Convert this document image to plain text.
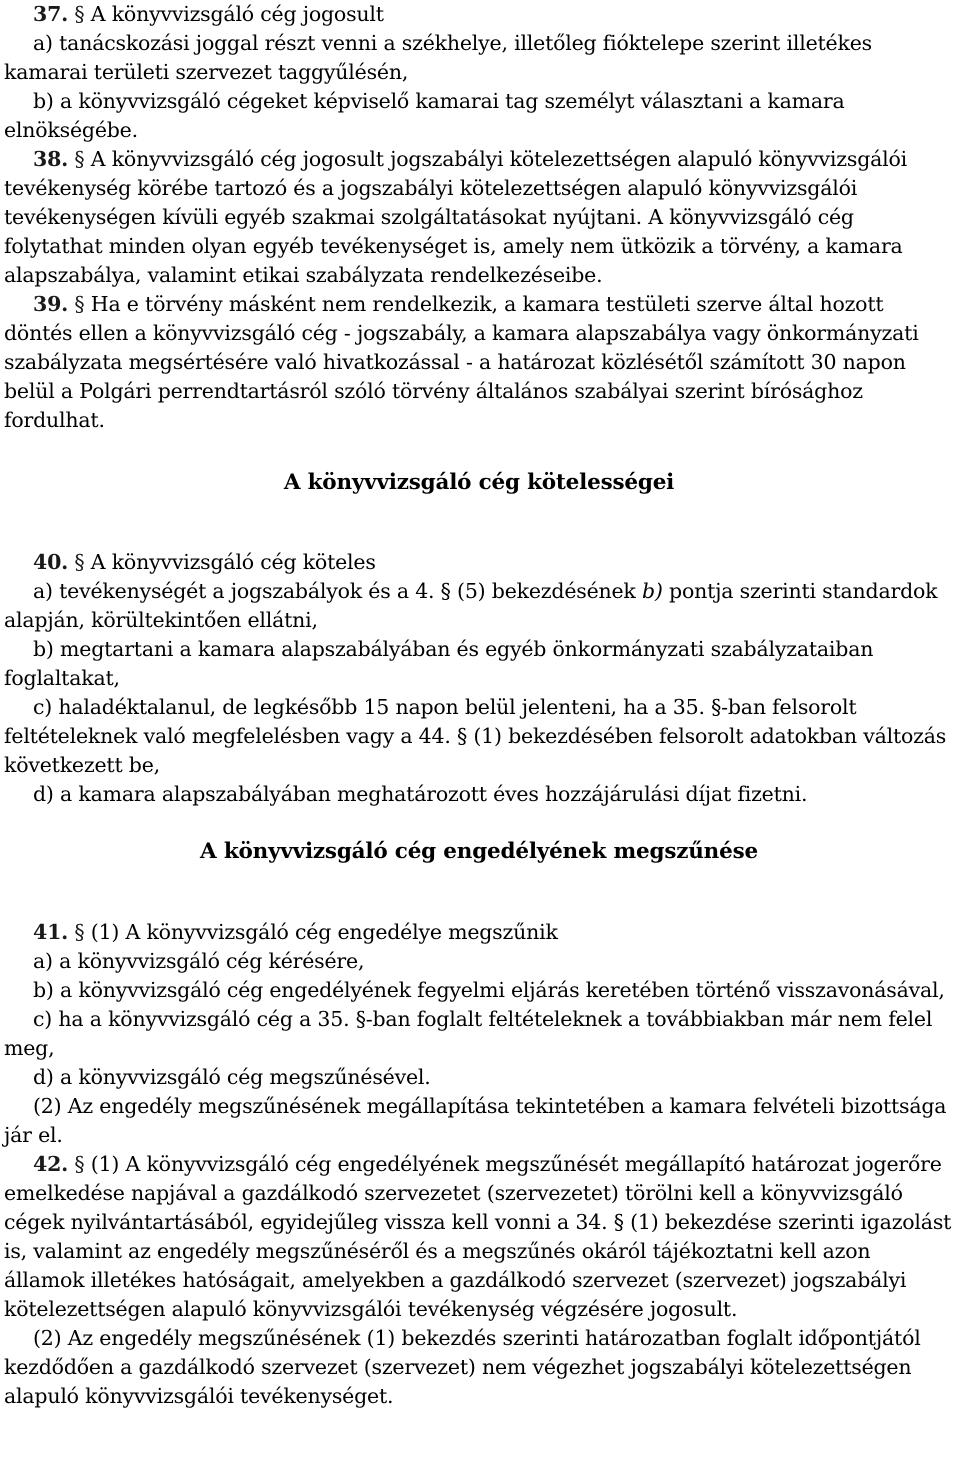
37. § A könyvvizsgáló cég jogosult

a) tanácskozási joggal részt venni a székhelye, illetőleg fióktelepe szerint illetékes kamarai területi szervezet taggyűlésén,

b) a könyvvizsgáló cégeket képviselő kamarai tag személyt választani a kamara elnökségébe.

38. § A könyvvizsgáló cég jogosult jogszabályi kötelezettségen alapuló könyvvizsgálói tevékenység körébe tartozó és a jogszabályi kötelezettségen alapuló könyvvizsgálói tevékenységen kívüli egyéb szakmai szolgáltatásokat nyújtani. A könyvvizsgáló cég folytathat minden olyan egyéb tevékenységet is, amely nem ütközik a törvény, a kamara alapszabálya, valamint etikai szabályzata rendelkezéseibe.

39. § Ha e törvény másként nem rendelkezik, a kamara testületi szerve által hozott döntés ellen a könyvvizsgáló cég - jogszabály, a kamara alapszabálya vagy önkormányzati szabályzata megsértésére való hivatkozással - a határozat közlésétől számított 30 napon belül a Polgári perrendtartásról szóló törvény általános szabályai szerint bírósághoz fordulhat.

A könyvvizsgáló cég kötelességei

40. § A könyvvizsgáló cég köteles

a) tevékenységét a jogszabályok és a 4. § (5) bekezdésének b) pontja szerinti standardok alapján, körültekintően ellátni,

b) megtartani a kamara alapszabályában és egyéb önkormányzati szabályzataiban foglaltakat,

c) haladéktalanul, de legkésőbb 15 napon belül jelenteni, ha a 35. §-ban felsorolt feltételeknek való megfelelésben vagy a 44. § (1) bekezdésében felsorolt adatokban változás következett be,

d) a kamara alapszabályában meghatározott éves hozzájárulási díjat fizetni.

A könyvvizsgáló cég engedélyének megszűnése

41. § (1) A könyvvizsgáló cég engedélye megszűnik

a) a könyvvizsgáló cég kérésére,

b) a könyvvizsgáló cég engedélyének fegyelmi eljárás keretében történő visszavonásával,

c) ha a könyvvizsgáló cég a 35. §-ban foglalt feltételeknek a továbbiakban már nem felel meg,

d) a könyvvizsgáló cég megszűnésével.

(2) Az engedély megszűnésének megállapítása tekintetében a kamara felvételi bizottsága jár el.

42. § (1) A könyvvizsgáló cég engedélyének megszűnését megállapító határozat jogerőre emelkedése napjával a gazdálkodó szervezetet (szervezetet) törölni kell a könyvvizsgáló cégek nyilvántartásából, egyidejűleg vissza kell vonni a 34. § (1) bekezdése szerinti igazolást is, valamint az engedély megszűnéséről és a megszűnés okáról tájékoztatni kell azon államok illetékes hatóságait, amelyekben a gazdálkodó szervezet (szervezet) jogszabályi kötelezettségen alapuló könyvvizsgálói tevékenység végzésére jogosult.

(2) Az engedély megszűnésének (1) bekezdés szerinti határozatban foglalt időpontjától kezdődően a gazdálkodó szervezet (szervezet) nem végezhet jogszabályi kötelezettségen alapuló könyvvizsgálói tevékenységet.
